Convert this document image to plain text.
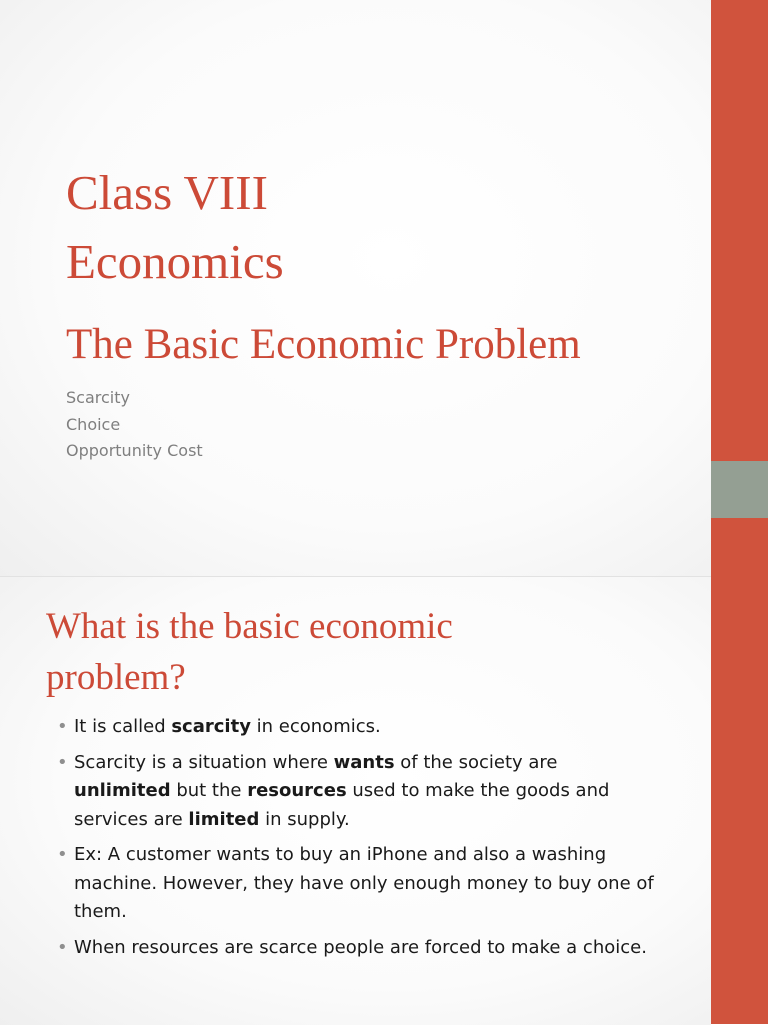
Class VIII
Economics
The Basic Economic Problem
Scarcity
Choice
Opportunity Cost
What is the basic economic
problem?
• It is called scarcity in economics.
• Scarcity is a situation where wants of the society are unlimited but the resources used to make the goods and services are limited in supply.
• Ex: A customer wants to buy an iPhone and also a washing machine. However, they have only enough money to buy one of them.
• When resources are scarce people are forced to make a choice.
